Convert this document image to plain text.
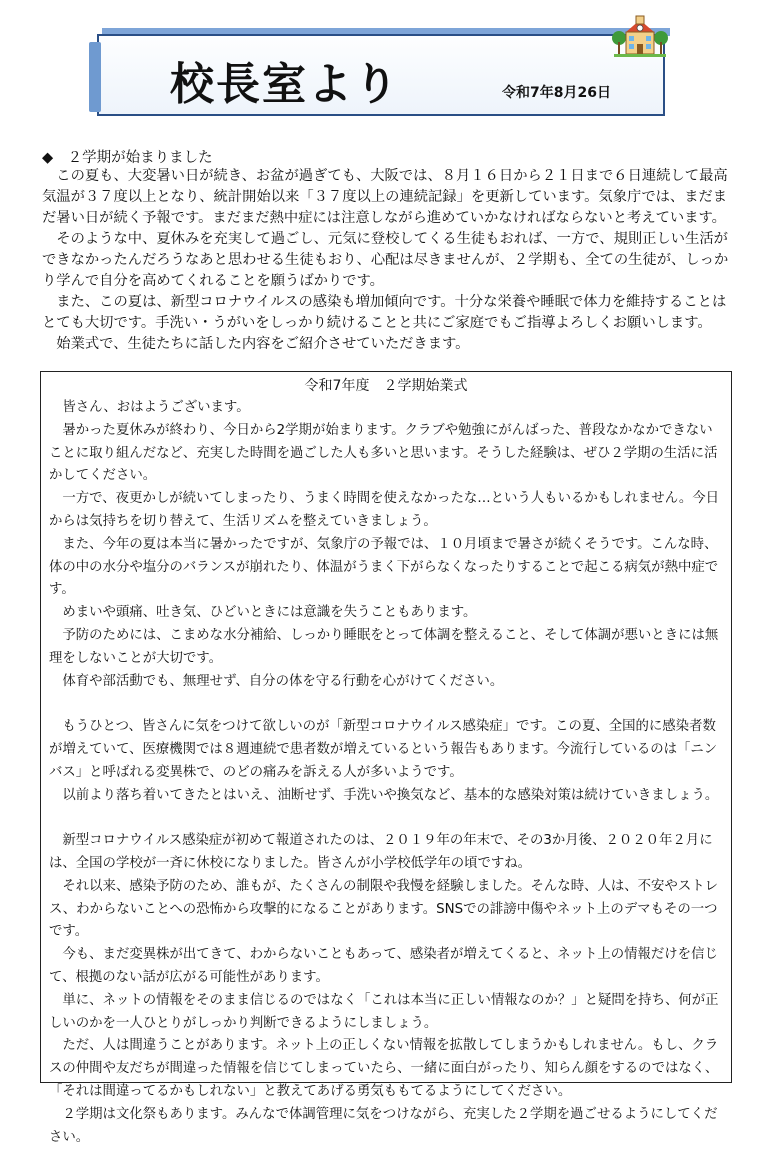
校長室より	令和7年8月26日
◆　２学期が始まりました

この夏も、大変暑い日が続き、お盆が過ぎても、大阪では、８月１６日から２１日まで６日連続して最高気温が３７度以上となり、統計開始以来「３７度以上の連続記録」を更新しています。気象庁では、まだまだ暑い日が続く予報です。まだまだ熱中症には注意しながら進めていかなければならないと考えています。

そのような中、夏休みを充実して過ごし、元気に登校してくる生徒もおれば、一方で、規則正しい生活ができなかったんだろうなあと思わせる生徒もおり、心配は尽きませんが、２学期も、全ての生徒が、しっかり学んで自分を高めてくれることを願うばかりです。

また、この夏は、新型コロナウイルスの感染も増加傾向です。十分な栄養や睡眠で体力を維持することはとても大切です。手洗い・うがいをしっかり続けることと共にご家庭でもご指導よろしくお願いします。

始業式で、生徒たちに話した内容をご紹介させていただきます。

令和7年度　２学期始業式

皆さん、おはようございます。

暑かった夏休みが終わり、今日から2学期が始まります。クラブや勉強にがんばった、普段なかなかできないことに取り組んだなど、充実した時間を過ごした人も多いと思います。そうした経験は、ぜひ２学期の生活に活かしてください。

一方で、夜更かしが続いてしまったり、うまく時間を使えなかったな…という人もいるかもしれません。今日からは気持ちを切り替えて、生活リズムを整えていきましょう。

また、今年の夏は本当に暑かったですが、気象庁の予報では、１０月頃まで暑さが続くそうです。こんな時、体の中の水分や塩分のバランスが崩れたり、体温がうまく下がらなくなったりすることで起こる病気が熱中症です。

めまいや頭痛、吐き気、ひどいときには意識を失うこともあります。

予防のためには、こまめな水分補給、しっかり睡眠をとって体調を整えること、そして体調が悪いときには無理をしないことが大切です。

体育や部活動でも、無理せず、自分の体を守る行動を心がけてください。

もうひとつ、皆さんに気をつけて欲しいのが「新型コロナウイルス感染症」です。この夏、全国的に感染者数が増えていて、医療機関では８週連続で患者数が増えているという報告もあります。今流行しているのは「ニンバス」と呼ばれる変異株で、のどの痛みを訴える人が多いようです。

以前より落ち着いてきたとはいえ、油断せず、手洗いや換気など、基本的な感染対策は続けていきましょう。

新型コロナウイルス感染症が初めて報道されたのは、２０１９年の年末で、その3か月後、２０２０年２月には、全国の学校が一斉に休校になりました。皆さんが小学校低学年の頃ですね。

それ以来、感染予防のため、誰もが、たくさんの制限や我慢を経験しました。そんな時、人は、不安やストレス、わからないことへの恐怖から攻撃的になることがあります。SNSでの誹謗中傷やネット上のデマもその一つです。

今も、まだ変異株が出てきて、わからないこともあって、感染者が増えてくると、ネット上の情報だけを信じて、根拠のない話が広がる可能性があります。

単に、ネットの情報をそのまま信じるのではなく「これは本当に正しい情報なのか？」と疑問を持ち、何が正しいのかを一人ひとりがしっかり判断できるようにしましょう。

ただ、人は間違うことがあります。ネット上の正しくない情報を拡散してしまうかもしれません。もし、クラスの仲間や友だちが間違った情報を信じてしまっていたら、一緒に面白がったり、知らん顔をするのではなく、「それは間違ってるかもしれない」と教えてあげる勇気ももてるようにしてください。

２学期は文化祭もあります。みんなで体調管理に気をつけながら、充実した２学期を過ごせるようにしてください。
